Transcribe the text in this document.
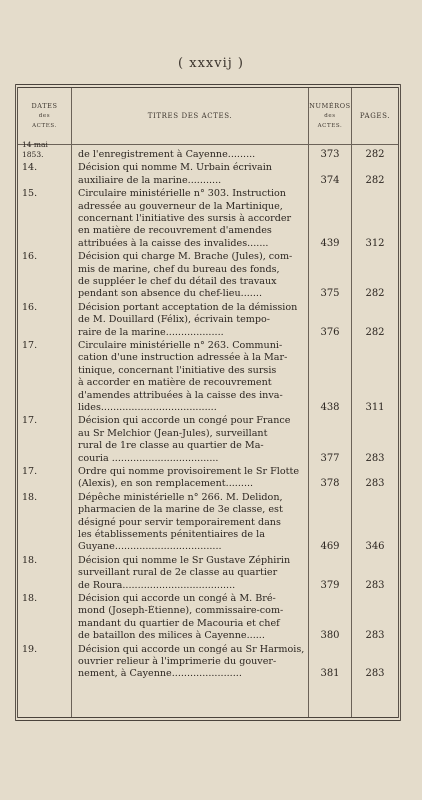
( xxxvij )
DATES
des
ACTES.
TITRES DES ACTES.
NUMÉROS
des
ACTES.
PAGES.
14 mai
1853.	de l'enregistrement à Cayenne.........	373	282
14.	Décision qui nomme M. Urbain écrivain
auxiliaire de la marine...........	374	282
15.	Circulaire ministérielle n° 303. Instruction
adressée au gouverneur de la Martinique,
concernant l'initiative des sursis à accorder
en matière de recouvrement d'amendes
attribuées à la caisse des invalides.......	439	312
16.	Décision qui charge M. Brache (Jules), com-
mis de marine, chef du bureau des fonds,
de suppléer le chef du détail des travaux
pendant son absence du chef-lieu.......	375	282
16.	Décision portant acceptation de la démission
de M. Douillard (Félix), écrivain tempo-
raire de la marine...................	376	282
17.	Circulaire ministérielle n° 263. Communi-
cation d'une instruction adressée à la Mar-
tinique, concernant l'initiative des sursis
à accorder en matière de recouvrement
d'amendes attribuées à la caisse des inva-
lides......................................	438	311
17.	Décision qui accorde un congé pour France
au Sr Melchior (Jean-Jules), surveillant
rural de 1re classe au quartier de Ma-
couria ...................................	377	283
17.	Ordre qui nomme provisoirement le Sr Flotte
(Alexis), en son remplacement.........	378	283
18.	Dépêche ministérielle n° 266. M. Delidon,
pharmacien de la marine de 3e classe, est
désigné pour servir temporairement dans
les établissements pénitentiaires de la
Guyane...................................	469	346
18.	Décision qui nomme le Sr Gustave Zéphirin
surveillant rural de 2e classe au quartier
de Roura.....................................	379	283
18.	Décision qui accorde un congé à M. Bré-
mond (Joseph-Étienne), commissaire-com-
mandant du quartier de Macouria et chef
de bataillon des milices à Cayenne......	380	283
19.	Décision qui accorde un congé au Sr Harmois,
ouvrier relieur à l'imprimerie du gouver-
nement, à Cayenne.......................	381	283
